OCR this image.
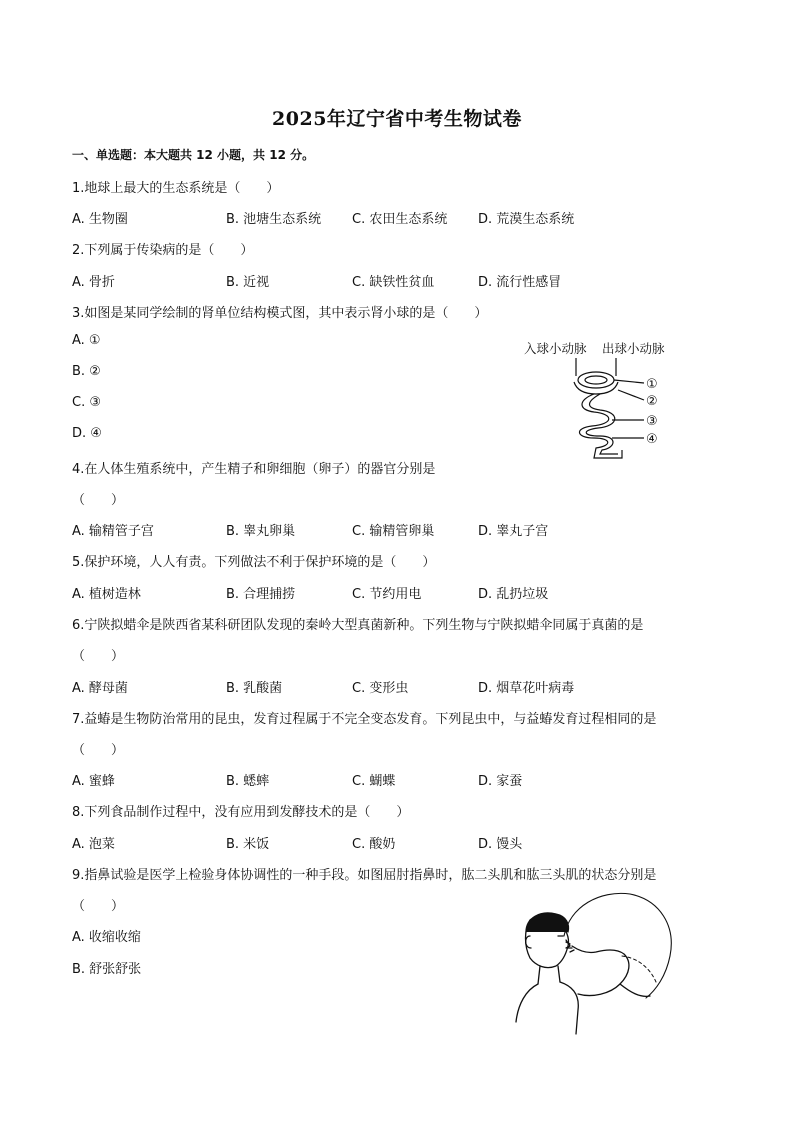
2025年辽宁省中考生物试卷
一、单选题：本大题共 12 小题，共 12 分。
1.地球上最大的生态系统是（　　）
A. 生物圈	B. 池塘生态系统 C. 农田生态系统 D. 荒漠生态系统
2.下列属于传染病的是（　　）
A. 骨折	B. 近视	C. 缺铁性贫血	D. 流行性感冒
3.如图是某同学绘制的肾单位结构模式图，其中表示肾小球的是（　　）
A. ①
B. ②
C. ③
D. ④
入球小动脉 出球小动脉
①
②
③
④
4.在人体生殖系统中，产生精子和卵细胞（卵子）的器官分别是
（　　）
A. 输精管子宫	B. 睾丸卵巢	C. 输精管卵巢	D. 睾丸子宫
5.保护环境，人人有责。下列做法不利于保护环境的是（　　）
A. 植树造林	B. 合理捕捞	C. 节约用电	D. 乱扔垃圾
6.宁陕拟蜡伞是陕西省某科研团队发现的秦岭大型真菌新种。下列生物与宁陕拟蜡伞同属于真菌的是
（　　）
A. 酵母菌	B. 乳酸菌	C. 变形虫	D. 烟草花叶病毒
7.益蝽是生物防治常用的昆虫，发育过程属于不完全变态发育。下列昆虫中，与益蝽发育过程相同的是
（　　）
A. 蜜蜂	B. 蟋蟀	C. 蝴蝶	D. 家蚕
8.下列食品制作过程中，没有应用到发酵技术的是（　　）
A. 泡菜	B. 米饭	C. 酸奶	D. 馒头
9.指鼻试验是医学上检验身体协调性的一种手段。如图屈肘指鼻时，肱二头肌和肱三头肌的状态分别是
（　　）
A. 收缩收缩
B. 舒张舒张
